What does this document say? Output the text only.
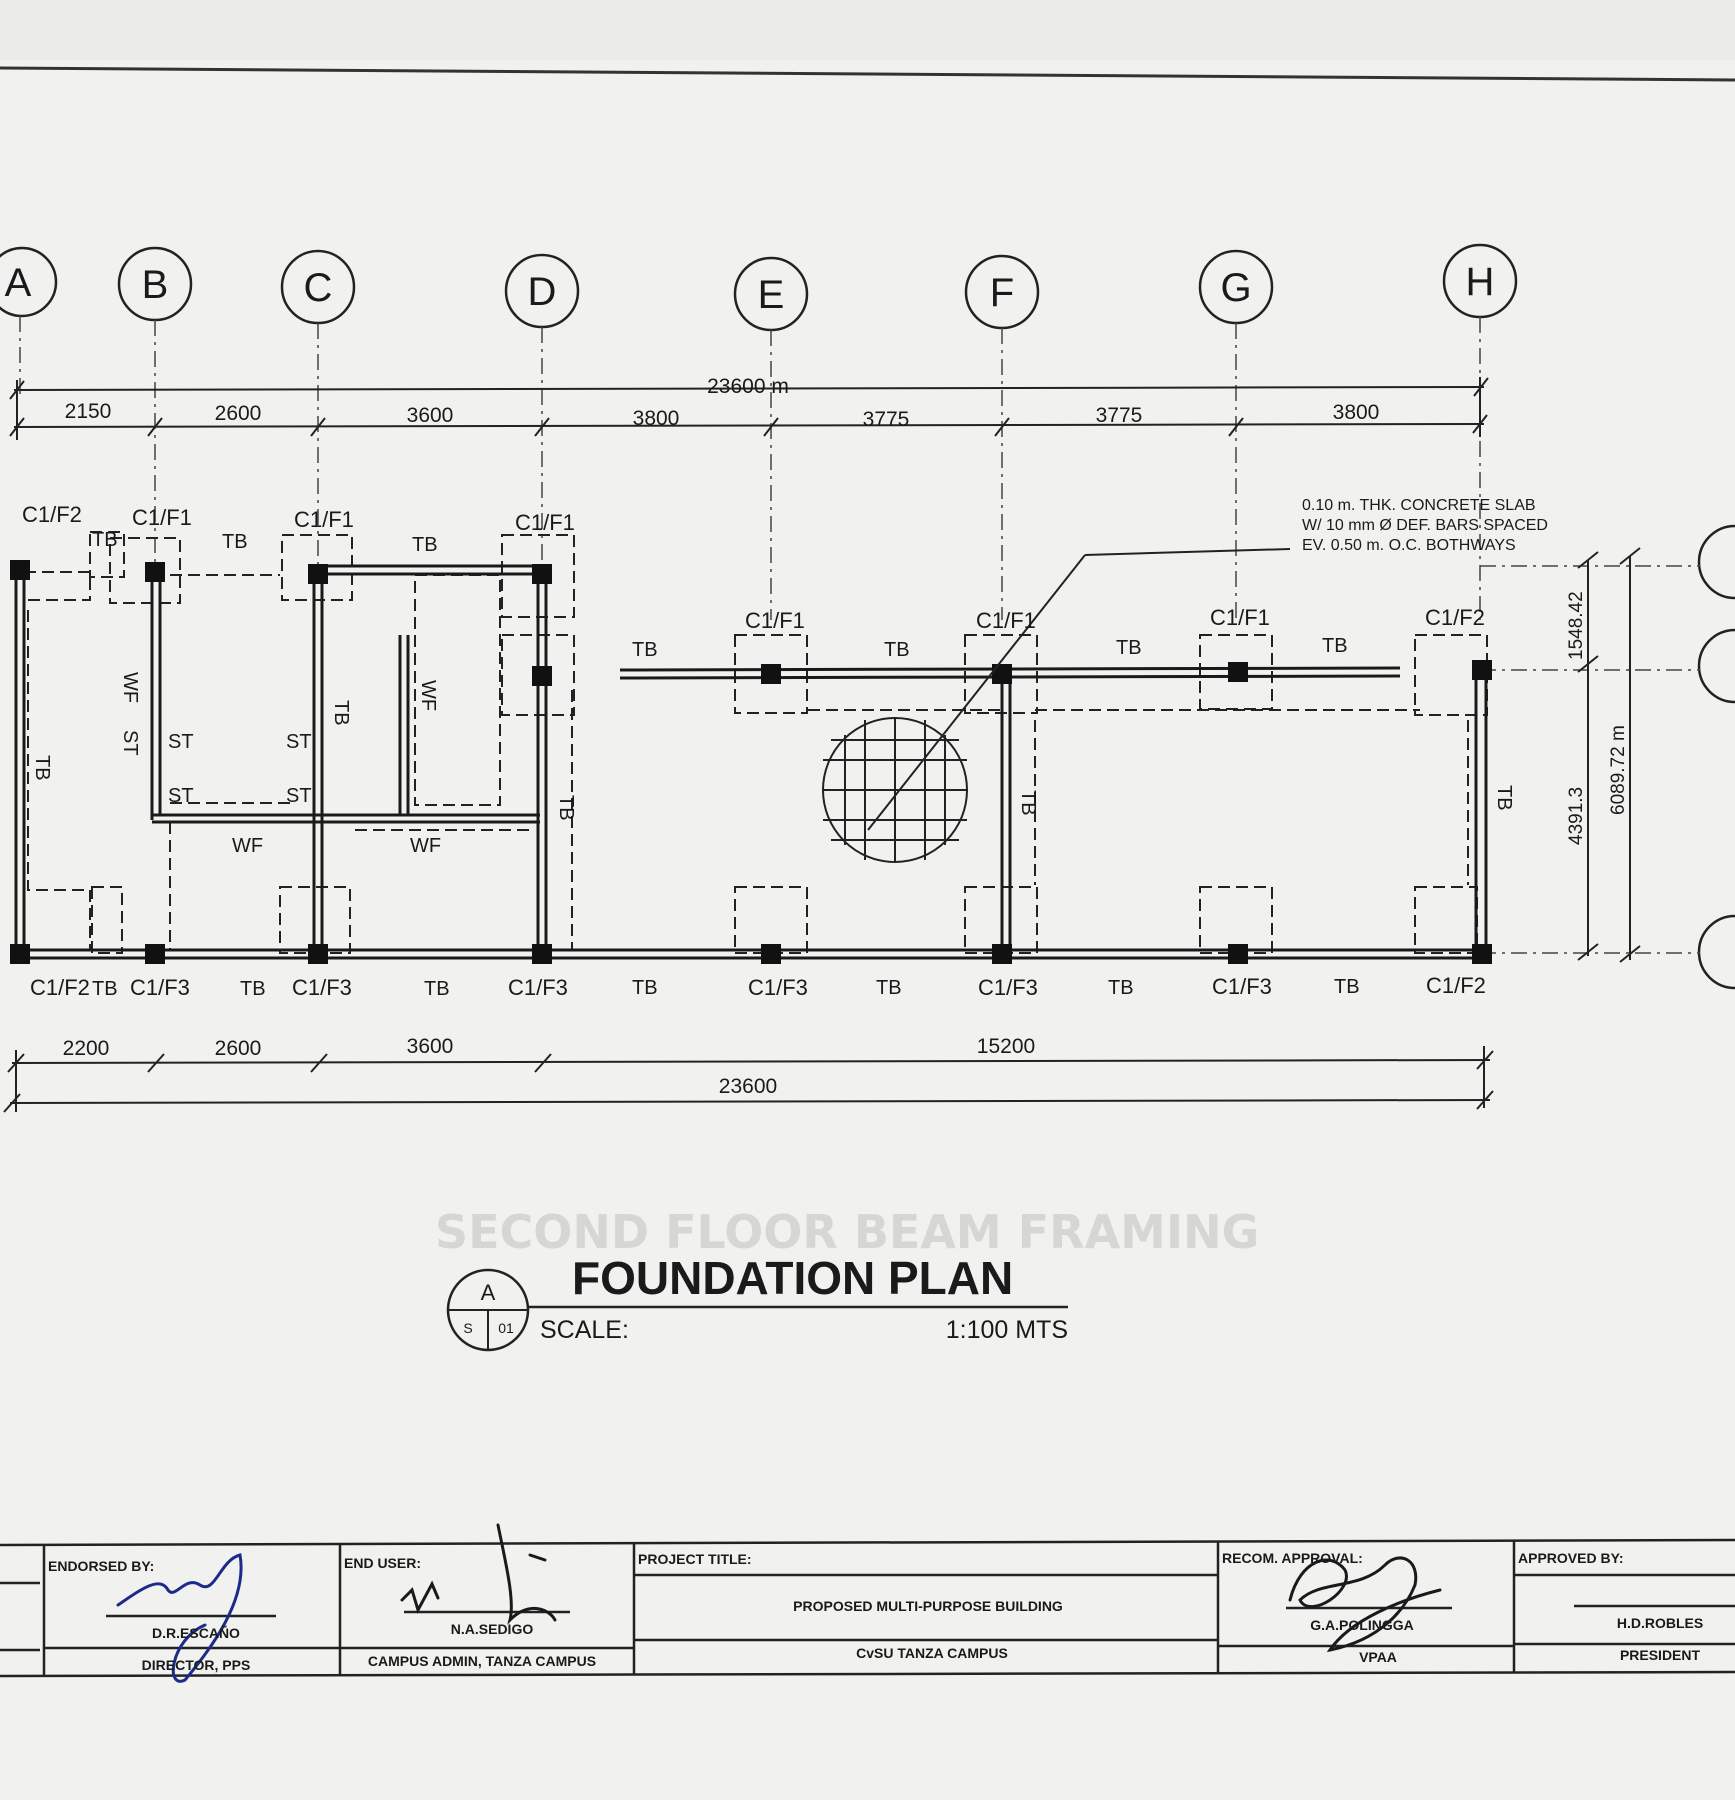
SECOND FLOOR BEAM FRAMING
A	B	C	D	E	F	G	H
23600 m
2150	2600	3600	3800	3775	3775	3800
0.10 m. THK. CONCRETE SLAB
W/ 10 mm Ø DEF. BARS SPACED
EV. 0.50 m. O.C. BOTHWAYS
C1/F2 C1/F1	C1/F1	C1/F1
C1/F1	C1/F1	C1/F1	C1/F2
C1/F2 C1/F3	C1/F3	C1/F3	C1/F3	C1/F3	C1/F3	C1/F2
TB	TB	TB
TB	TB	TB	TB
TB	TB	TB	TB	TB	TB	TB
WF	WF
ST	ST
ST	ST
TB
TB
TB	TB	TB
WF	WF
ST
1548.42
4391.3
6089.72 m
2200	2600	3600	15200
23600
A
S 01
FOUNDATION PLAN
SCALE:	1:100 MTS
ENDORSED BY:
D.R.ESCAÑO
DIRECTOR, PPS
END USER:
N.A.SEDIGO
CAMPUS ADMIN, TANZA CAMPUS
PROJECT TITLE:
PROPOSED MULTI-PURPOSE BUILDING
CvSU TANZA CAMPUS
RECOM. APPROVAL:
G.A.POLINGGA
VPAA
APPROVED BY:
H.D.ROBLES
PRESIDENT
